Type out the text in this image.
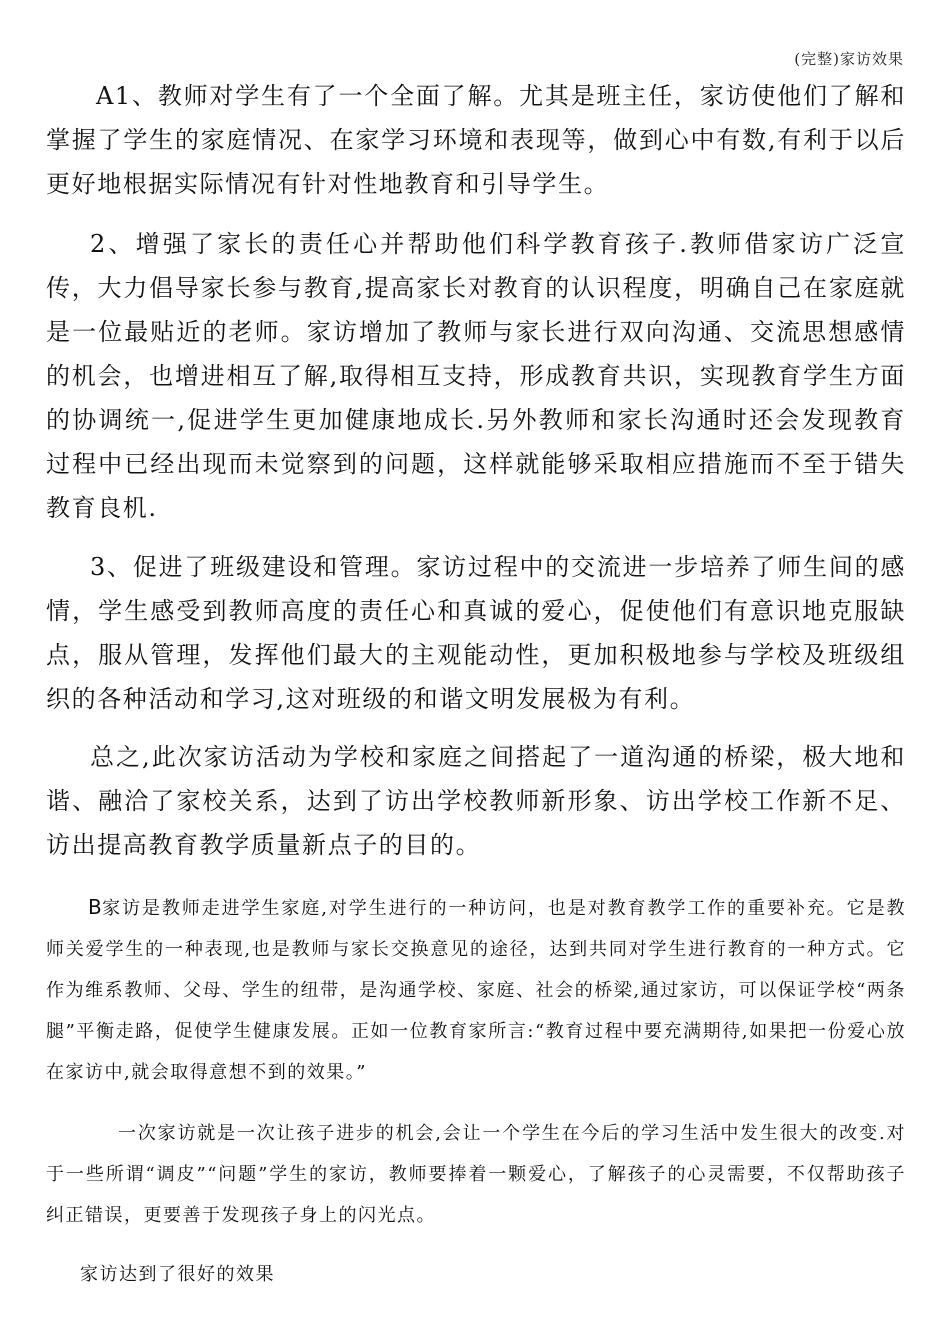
(完整)家访效果

A1、教师对学生有了一个全面了解。尤其是班主任，家访使他们了解和掌握了学生的家庭情况、在家学习环境和表现等，做到心中有数,有利于以后更好地根据实际情况有针对性地教育和引导学生。

2、增强了家长的责任心并帮助他们科学教育孩子.教师借家访广泛宣传，大力倡导家长参与教育,提高家长对教育的认识程度，明确自己在家庭就是一位最贴近的老师。家访增加了教师与家长进行双向沟通、交流思想感情的机会，也增进相互了解,取得相互支持，形成教育共识，实现教育学生方面的协调统一,促进学生更加健康地成长.另外教师和家长沟通时还会发现教育过程中已经出现而未觉察到的问题，这样就能够采取相应措施而不至于错失教育良机.

3、促进了班级建设和管理。家访过程中的交流进一步培养了师生间的感情，学生感受到教师高度的责任心和真诚的爱心，促使他们有意识地克服缺点，服从管理，发挥他们最大的主观能动性，更加积极地参与学校及班级组织的各种活动和学习,这对班级的和谐文明发展极为有利。

总之,此次家访活动为学校和家庭之间搭起了一道沟通的桥梁，极大地和谐、融洽了家校关系，达到了访出学校教师新形象、访出学校工作新不足、访出提高教育教学质量新点子的目的。

B家访是教师走进学生家庭,对学生进行的一种访问，也是对教育教学工作的重要补充。它是教师关爱学生的一种表现,也是教师与家长交换意见的途径，达到共同对学生进行教育的一种方式。它作为维系教师、父母、学生的纽带，是沟通学校、家庭、社会的桥梁,通过家访，可以保证学校“两条腿”平衡走路，促使学生健康发展。正如一位教育家所言:“教育过程中要充满期待,如果把一份爱心放在家访中,就会取得意想不到的效果。”

一次家访就是一次让孩子进步的机会,会让一个学生在今后的学习生活中发生很大的改变.对于一些所谓“调皮”“问题”学生的家访，教师要捧着一颗爱心，了解孩子的心灵需要，不仅帮助孩子纠正错误，更要善于发现孩子身上的闪光点。

家访达到了很好的效果
